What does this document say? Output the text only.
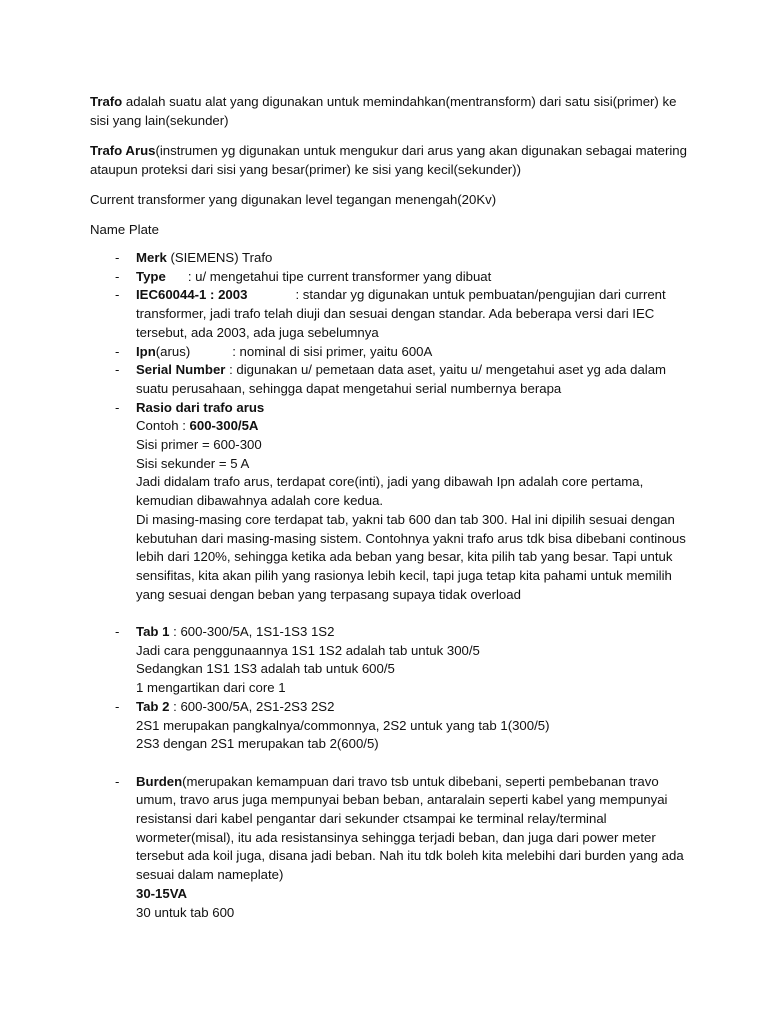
Trafo adalah suatu alat yang digunakan untuk memindahkan(mentransform) dari satu sisi(primer) ke sisi yang lain(sekunder)

Trafo Arus(instrumen yg digunakan untuk mengukur dari arus yang akan digunakan sebagai matering ataupun proteksi dari sisi yang besar(primer) ke sisi yang kecil(sekunder))

Current transformer yang digunakan level tegangan menengah(20Kv)

Name Plate

- Merk (SIEMENS) Trafo
- Type : u/ mengetahui tipe current transformer yang dibuat
- IEC60044-1 : 2003	: standar yg digunakan untuk pembuatan/pengujian dari current
transformer, jadi trafo telah diuji dan sesuai dengan standar. Ada beberapa versi dari IEC
tersebut, ada 2003, ada juga sebelumnya
- Ipn(arus)	: nominal di sisi primer, yaitu 600A
- Serial Number : digunakan u/ pemetaan data aset, yaitu u/ mengetahui aset yg ada dalam
suatu perusahaan, sehingga dapat mengetahui serial numbernya berapa
- Rasio dari trafo arus
Contoh : 600-300/5A
Sisi primer = 600-300
Sisi sekunder = 5 A
Jadi didalam trafo arus, terdapat core(inti), jadi yang dibawah Ipn adalah core pertama,
kemudian dibawahnya adalah core kedua.
Di masing-masing core terdapat tab, yakni tab 600 dan tab 300. Hal ini dipilih sesuai dengan
kebutuhan dari masing-masing sistem. Contohnya yakni trafo arus tdk bisa dibebani continous
lebih dari 120%, sehingga ketika ada beban yang besar, kita pilih tab yang besar. Tapi untuk
sensifitas, kita akan pilih yang rasionya lebih kecil, tapi juga tetap kita pahami untuk memilih
yang sesuai dengan beban yang terpasang supaya tidak overload
- Tab 1 : 600-300/5A, 1S1-1S3 1S2
Jadi cara penggunaannya 1S1 1S2 adalah tab untuk 300/5
Sedangkan 1S1 1S3 adalah tab untuk 600/5
1 mengartikan dari core 1
- Tab 2 : 600-300/5A, 2S1-2S3 2S2
2S1 merupakan pangkalnya/commonnya, 2S2 untuk yang tab 1(300/5)
2S3 dengan 2S1 merupakan tab 2(600/5)
- Burden(merupakan kemampuan dari travo tsb untuk dibebani, seperti pembebanan travo
umum, travo arus juga mempunyai beban beban, antaralain seperti kabel yang mempunyai
resistansi dari kabel pengantar dari sekunder ctsampai ke terminal relay/terminal
wormeter(misal), itu ada resistansinya sehingga terjadi beban, dan juga dari power meter
tersebut ada koil juga, disana jadi beban. Nah itu tdk boleh kita melebihi dari burden yang ada
sesuai dalam nameplate)
30-15VA
30 untuk tab 600
